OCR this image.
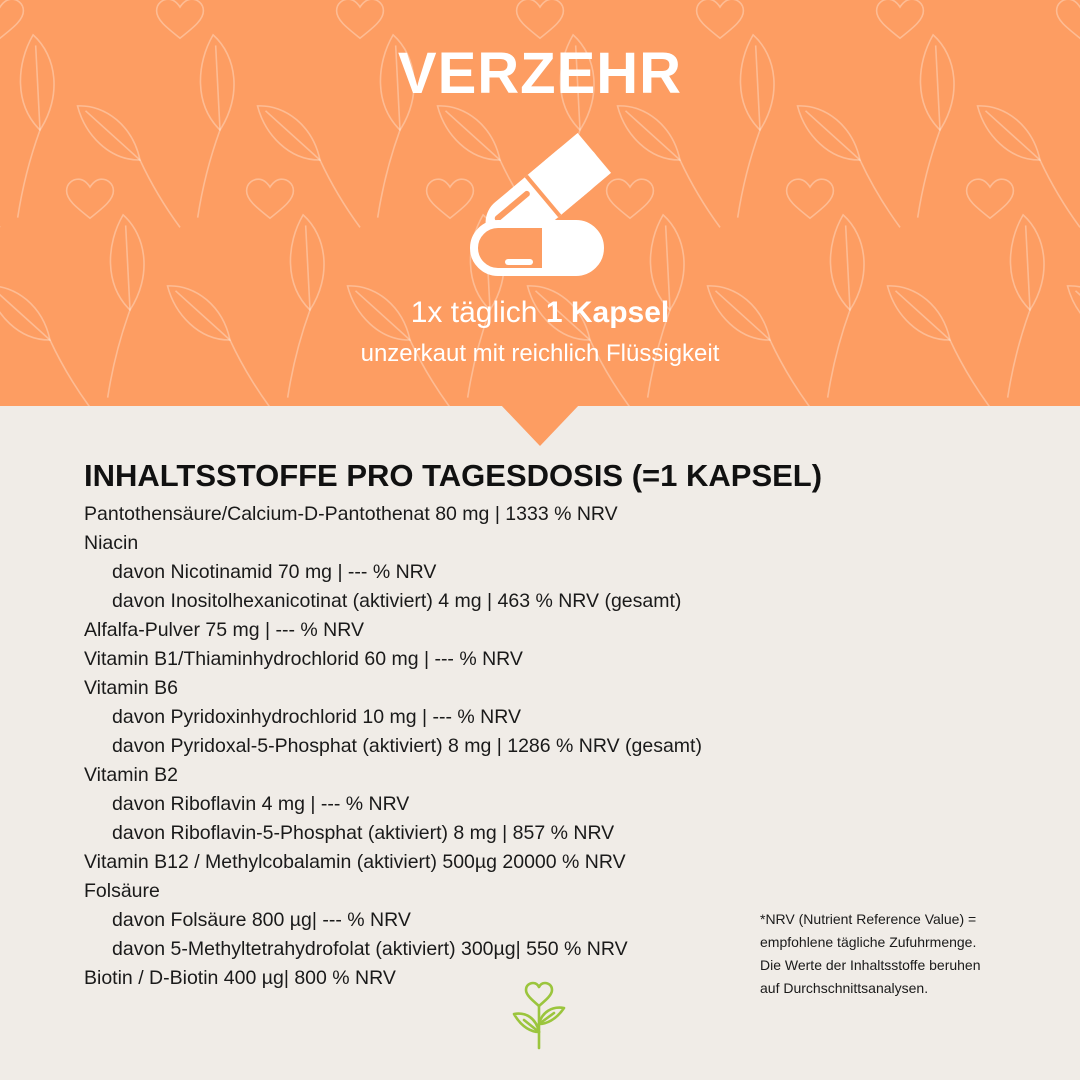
VERZEHR
1x täglich 1 Kapsel
unzerkaut mit reichlich Flüssigkeit
INHALTSSTOFFE PRO TAGESDOSIS (=1 KAPSEL)
Pantothensäure/Calcium-D-Pantothenat 80 mg | 1333 % NRV
Niacin
davon Nicotinamid 70 mg | --- % NRV
davon Inositolhexanicotinat (aktiviert) 4 mg | 463 % NRV (gesamt)
Alfalfa-Pulver 75 mg | --- % NRV
Vitamin B1/Thiaminhydrochlorid 60 mg | --- % NRV
Vitamin B6
davon Pyridoxinhydrochlorid 10 mg | --- % NRV
davon Pyridoxal-5-Phosphat (aktiviert) 8 mg | 1286 % NRV (gesamt)
Vitamin B2
davon Riboflavin 4 mg | --- % NRV
davon Riboflavin-5-Phosphat (aktiviert) 8 mg | 857 % NRV
Vitamin B12 / Methylcobalamin (aktiviert) 500µg 20000 % NRV
Folsäure
davon Folsäure 800 µg| --- % NRV
davon 5-Methyltetrahydrofolat (aktiviert) 300µg| 550 % NRV
Biotin / D-Biotin 400 µg| 800 % NRV
*NRV (Nutrient Reference Value) =
empfohlene tägliche Zufuhrmenge.
Die Werte der Inhaltsstoffe beruhen
auf Durchschnittsanalysen.
